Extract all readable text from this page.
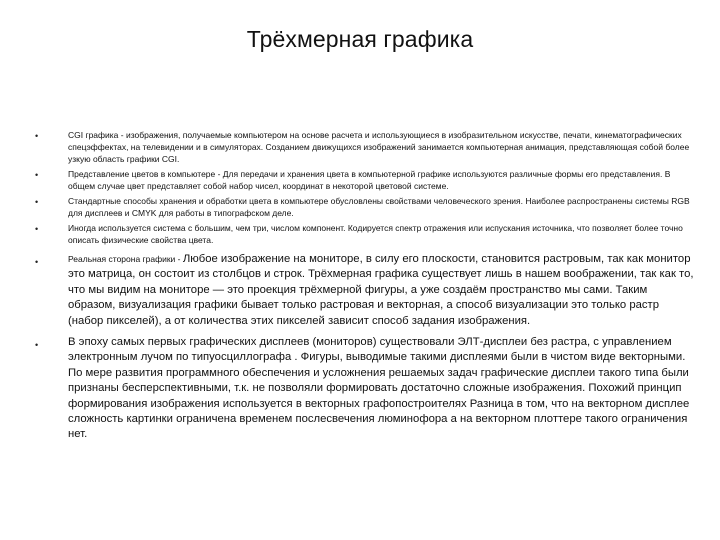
Трёхмерная графика
•	CGI графика - изображения, получаемые компьютером на основе расчета и использующиеся в изобразительном искусстве, печати, кинематографических спецэффектах, на телевидении и в симуляторах. Созданием движущихся изображений занимается компьютерная анимация, представляющая собой более узкую область графики CGI.
•	Представление цветов в компьютере - Для передачи и хранения цвета в компьютерной графике используются различные формы его представления. В общем случае цвет представляет собой набор чисел, координат в некоторой цветовой системе.
•	Стандартные способы хранения и обработки цвета в компьютере обусловлены свойствами человеческого зрения. Наиболее распространены системы RGB для дисплеев и CMYK для работы в типографском деле.
•	Иногда используется система с большим, чем три, числом компонент. Кодируется спектр отражения или испускания источника, что позволяет более точно описать физические свойства цвета.
•	Реальная сторона графики - Любое изображение на мониторе, в силу его плоскости, становится растровым, так как монитор это матрица, он состоит из столбцов и строк. Трёхмерная графика существует лишь в нашем воображении, так как то, что мы видим на мониторе — это проекция трёхмерной фигуры, а уже создаём пространство мы сами. Таким образом, визуализация графики бывает только растровая и векторная, а способ визуализации это только растр (набор пикселей), а от количества этих пикселей зависит способ задания изображения.
•	В эпоху самых первых графических дисплеев (мониторов) существовали ЭЛТ-дисплеи без растра, с управлением электронным лучом по типуосциллографа . Фигуры, выводимые такими дисплеями были в чистом виде векторными. По мере развития программного обеспечения и усложнения решаемых задач графические дисплеи такого типа были признаны бесперспективными, т.к. не позволяли формировать достаточно сложные изображения. Похожий принцип формирования изображения используется в векторных графопостроителях Разница в том, что на векторном дисплее сложность картинки ограничена временем послесвечения люминофора а на векторном плоттере такого ограничения нет.
